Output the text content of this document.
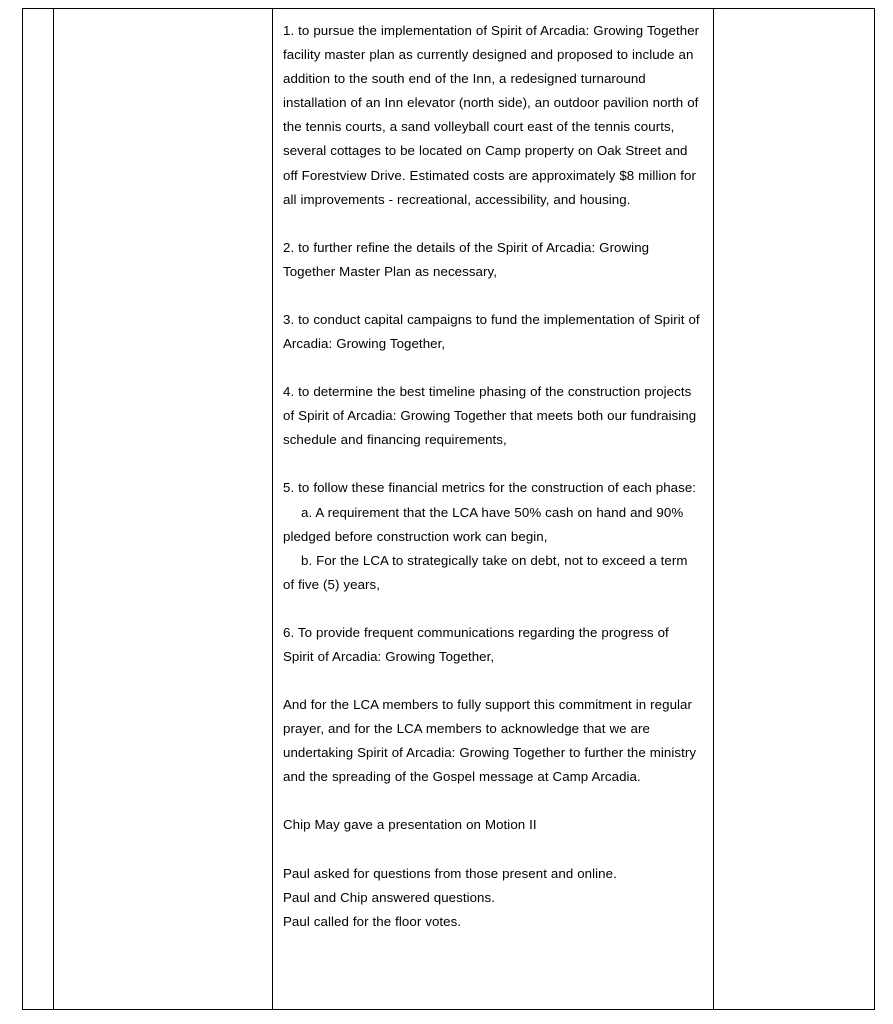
1. to pursue the implementation of Spirit of Arcadia: Growing Together facility master plan as currently designed and proposed to include an addition to the south end of the Inn, a redesigned turnaround installation of an Inn elevator (north side), an outdoor pavilion north of the tennis courts, a sand volleyball court east of the tennis courts, several cottages to be located on Camp property on Oak Street and off Forestview Drive. Estimated costs are approximately $8 million for all improvements - recreational, accessibility, and housing.

2. to further refine the details of the Spirit of Arcadia: Growing Together Master Plan as necessary,

3. to conduct capital campaigns to fund the implementation of Spirit of Arcadia: Growing Together,

4. to determine the best timeline phasing of the construction projects of Spirit of Arcadia: Growing Together that meets both our fundraising schedule and financing requirements,

5. to follow these financial metrics for the construction of each phase:

a. A requirement that the LCA have 50% cash on hand and 90% pledged before construction work can begin,

b. For the LCA to strategically take on debt, not to exceed a term of five (5) years,

6. To provide frequent communications regarding the progress of Spirit of Arcadia: Growing Together,

And for the LCA members to fully support this commitment in regular prayer, and for the LCA members to acknowledge that we are undertaking Spirit of Arcadia: Growing Together to further the ministry and the spreading of the Gospel message at Camp Arcadia.

Chip May gave a presentation on Motion II

Paul asked for questions from those present and online.

Paul and Chip answered questions.

Paul called for the floor votes.
